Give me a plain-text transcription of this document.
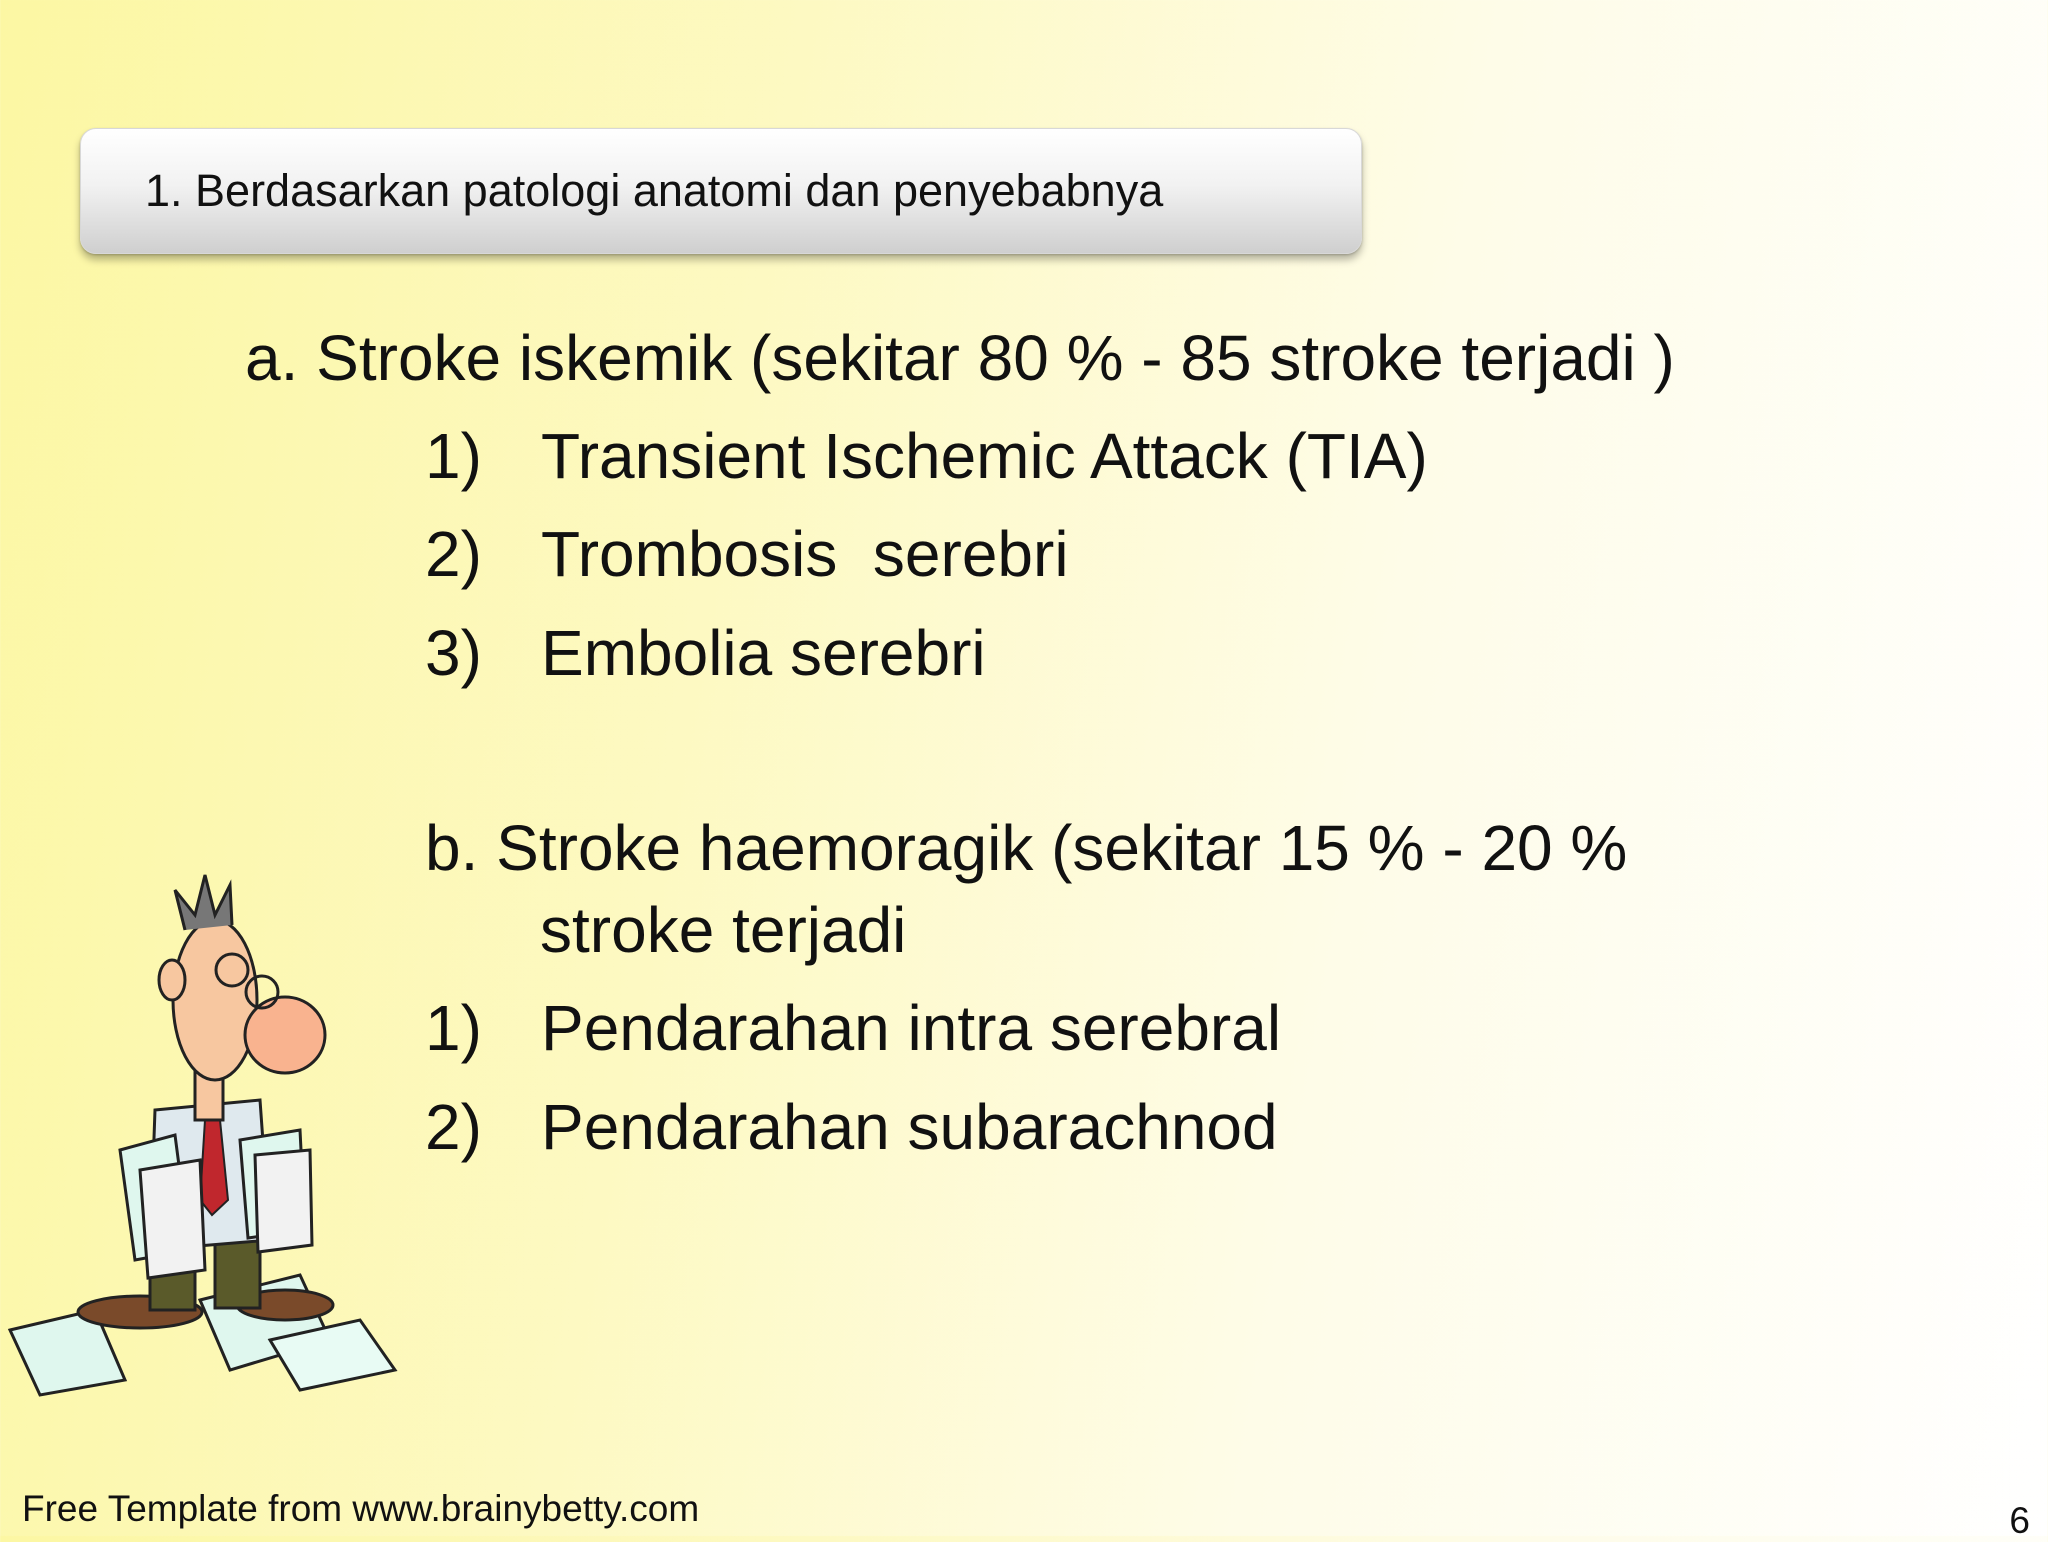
1. Berdasarkan patologi anatomi dan penyebabnya
a. Stroke iskemik (sekitar 80 % - 85 stroke terjadi )
1) Transient Ischemic Attack (TIA)
2) Trombosis  serebri
3) Embolia serebri
b. Stroke haemoragik (sekitar 15 % - 20 %
stroke terjadi
1) Pendarahan intra serebral
2) Pendarahan subarachnod
Free Template from www.brainybetty.com	6
